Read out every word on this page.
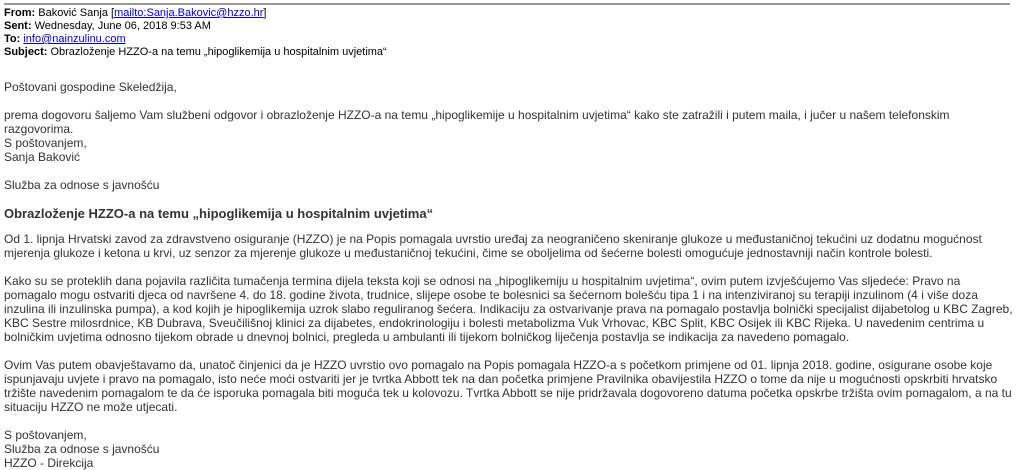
From: Baković Sanja [mailto:Sanja.Bakovic@hzzo.hr]
Sent: Wednesday, June 06, 2018 9:53 AM
To: info@nainzulinu.com
Subject: Obrazloženje HZZO-a na temu „hipoglikemija u hospitalnim uvjetima“

Poštovani gospodine Skeledžija,

prema dogovoru šaljemo Vam službeni odgovor i obrazloženje HZZO-a na temu „hipoglikemije u hospitalnim uvjetima“ kako ste zatražili i putem maila, i jučer u našem telefonskim razgovorima.

S poštovanjem,

Sanja Baković

Služba za odnose s javnošću

Obrazloženje HZZO-a na temu „hipoglikemija u hospitalnim uvjetima“

Od 1. lipnja Hrvatski zavod za zdravstveno osiguranje (HZZO) je na Popis pomagala uvrstio uređaj za neograničeno skeniranje glukoze u međustaničnoj tekućini uz dodatnu mogućnost mjerenja glukoze i ketona u krvi, uz senzor za mjerenje glukoze u međustaničnoj tekućini, čime se oboljelima od šećerne bolesti omogućuje jednostavniji način kontrole bolesti.

Kako su se proteklih dana pojavila različita tumačenja termina dijela teksta koji se odnosi na „hipoglikemiju u hospitalnim uvjetima“, ovim putem izvješćujemo Vas sljedeće: Pravo na pomagalo mogu ostvariti djeca od navršene 4. do 18. godine života, trudnice, slijepe osobe te bolesnici sa šećernom bolešću tipa 1 i na intenziviranoj su terapiji inzulinom (4 i više doza inzulina ili inzulinska pumpa), a kod kojih je hipoglikemija uzrok slabo reguliranog šećera. Indikaciju za ostvarivanje prava na pomagalo postavlja bolnički specijalist dijabetolog u KBC Zagreb, KBC Sestre milosrdnice, KB Dubrava, Sveučilišnoj klinici za dijabetes, endokrinologiju i bolesti metabolizma Vuk Vrhovac, KBC Split, KBC Osijek ili KBC Rijeka. U navedenim centrima u bolničkim uvjetima odnosno tijekom obrade u dnevnoj bolnici, pregleda u ambulanti ili tijekom bolničkog liječenja postavlja se indikacija za navedeno pomagalo.

Ovim Vas putem obavještavamo da, unatoč činjenici da je HZZO uvrstio ovo pomagalo na Popis pomagala HZZO-a s početkom primjene od 01. lipnja 2018. godine, osigurane osobe koje ispunjavaju uvjete i pravo na pomagalo, isto neće moći ostvariti jer je tvrtka Abbott tek na dan početka primjene Pravilnika obavijestila HZZO o tome da nije u mogućnosti opskrbiti hrvatsko tržište navedenim pomagalom te da će isporuka pomagala biti moguća tek u kolovozu. Tvrtka Abbott se nije pridržavala dogovoreno datuma početka opskrbe tržišta ovim pomagalom, a na tu situaciju HZZO ne može utjecati.

S poštovanjem,

Služba za odnose s javnošću

HZZO - Direkcija
